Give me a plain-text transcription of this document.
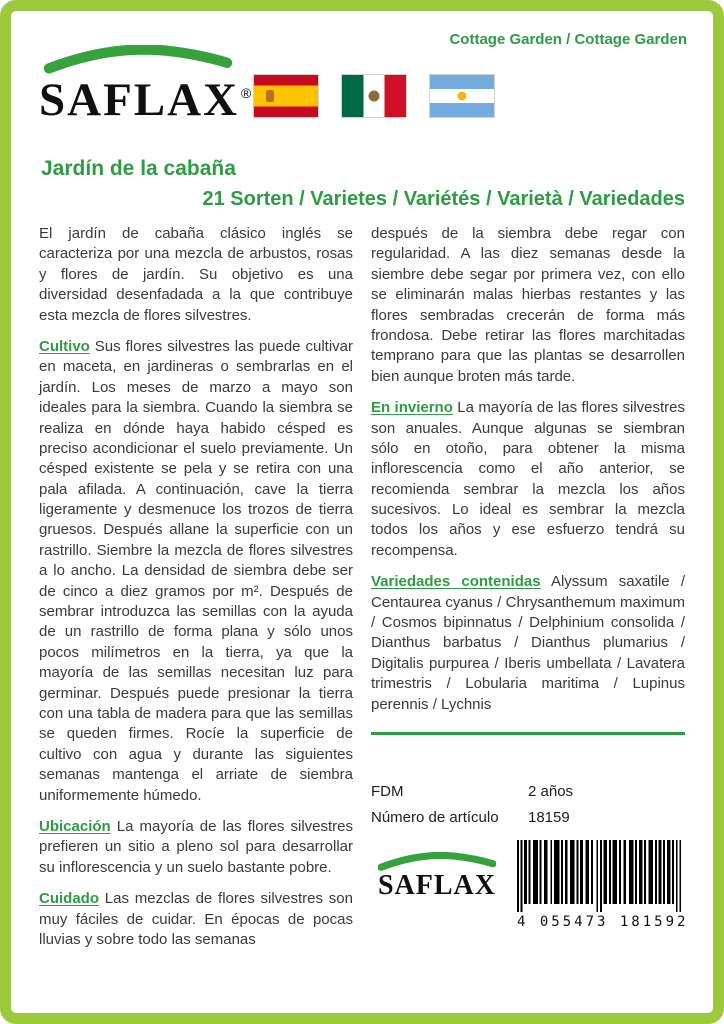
Cottage Garden / Cottage Garden
SAFLAX ®
Jardín de la cabaña
21 Sorten / Varietes / Variétés / Varietà / Variedades

El jardín de cabaña clásico inglés se caracteriza por una mezcla de arbustos, rosas y flores de jardín. Su objetivo es una diversidad desenfadada a la que contribuye esta mezcla de flores silvestres.

Cultivo Sus flores silvestres las puede cultivar en maceta, en jardineras o sembrarlas en el jardín. Los meses de marzo a mayo son ideales para la siembra. Cuando la siembra se realiza en dónde haya habido césped es preciso acondicionar el suelo previamente. Un césped existente se pela y se retira con una pala afilada. A continuación, cave la tierra ligeramente y desmenuce los trozos de tierra gruesos. Después allane la superficie con un rastrillo. Siembre la mezcla de flores silvestres a lo ancho. La densidad de siembra debe ser de cinco a diez gramos por m². Después de sembrar introduzca las semillas con la ayuda de un rastrillo de forma plana y sólo unos pocos milímetros en la tierra, ya que la mayoría de las semillas necesitan luz para germinar. Después puede presionar la tierra con una tabla de madera para que las semillas se queden firmes. Rocíe la superficie de cultivo con agua y durante las siguientes semanas mantenga el arriate de siembra uniformemente húmedo.

Ubicación La mayoría de las flores silvestres prefieren un sitio a pleno sol para desarrollar su inflorescencia y un suelo bastante pobre.

Cuidado Las mezclas de flores silvestres son muy fáciles de cuidar. En épocas de pocas lluvias y sobre todo las semanas

después de la siembra debe regar con regularidad. A las diez semanas desde la siembre debe segar por primera vez, con ello se eliminarán malas hierbas restantes y las flores sembradas crecerán de forma más frondosa. Debe retirar las flores marchitadas temprano para que las plantas se desarrollen bien aunque broten más tarde.

En invierno La mayoría de las flores silvestres son anuales. Aunque algunas se siembran sólo en otoño, para obtener la misma inflorescencia como el año anterior, se recomienda sembrar la mezcla los años sucesivos. Lo ideal es sembrar la mezcla todos los años y ese esfuerzo tendrá su recompensa.

Variedades contenidas Alyssum saxatile / Centaurea cyanus / Chrysanthemum maximum / Cosmos bipinnatus / Delphinium consolida / Dianthus barbatus / Dianthus plumarius / Digitalis purpurea / Iberis umbellata / Lavatera trimestris / Lobularia maritima / Lupinus perennis / Lychnis

FDM	2 años
Número de artículo	18159
SAFLAX
4 055473 181592
